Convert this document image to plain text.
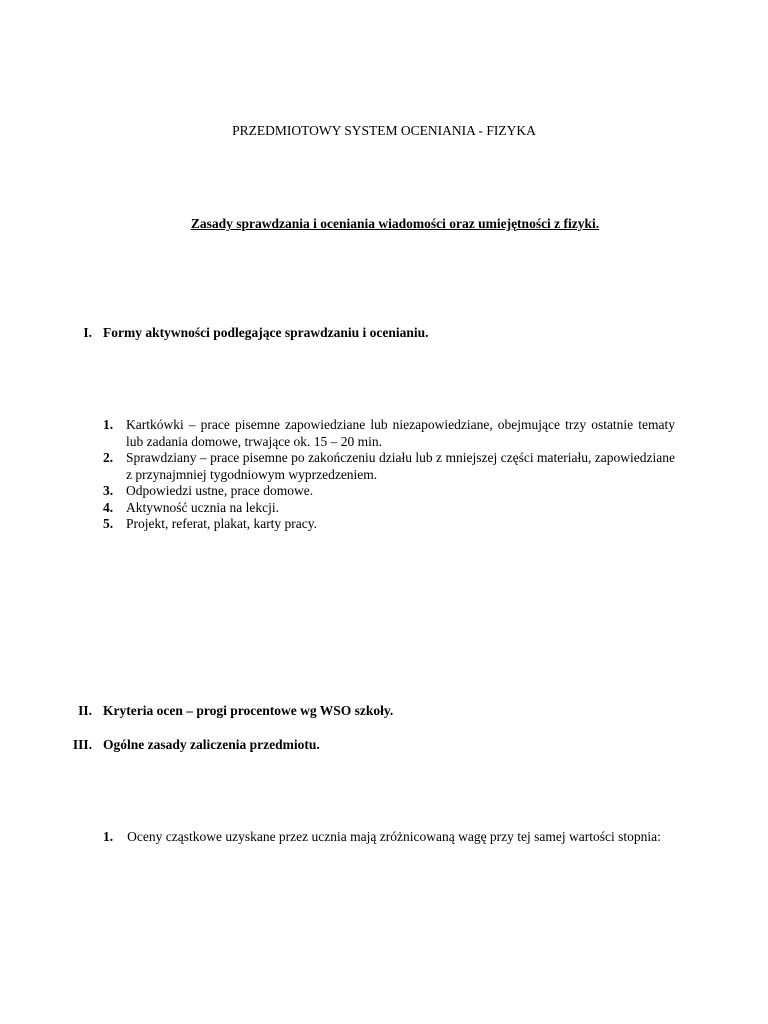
PRZEDMIOTOWY SYSTEM OCENIANIA - FIZYKA
Zasady sprawdzania i oceniania wiadomości oraz umiejętności z fizyki.
I. Formy aktywności podlegające sprawdzaniu i ocenianiu.
1. Kartkówki – prace pisemne zapowiedziane lub niezapowiedziane, obejmujące trzy ostatnie tematy lub zadania domowe, trwające ok. 15 – 20 min.
2. Sprawdziany – prace pisemne po zakończeniu działu lub z mniejszej części materiału, zapowiedziane z przynajmniej tygodniowym wyprzedzeniem.
3. Odpowiedzi ustne, prace domowe.
4. Aktywność ucznia na lekcji.
5. Projekt, referat, plakat, karty pracy.
II. Kryteria ocen – progi procentowe wg WSO szkoły.
III. Ogólne zasady zaliczenia przedmiotu.
1. Oceny cząstkowe uzyskane przez ucznia mają zróżnicowaną wagę przy tej samej wartości stopnia:
